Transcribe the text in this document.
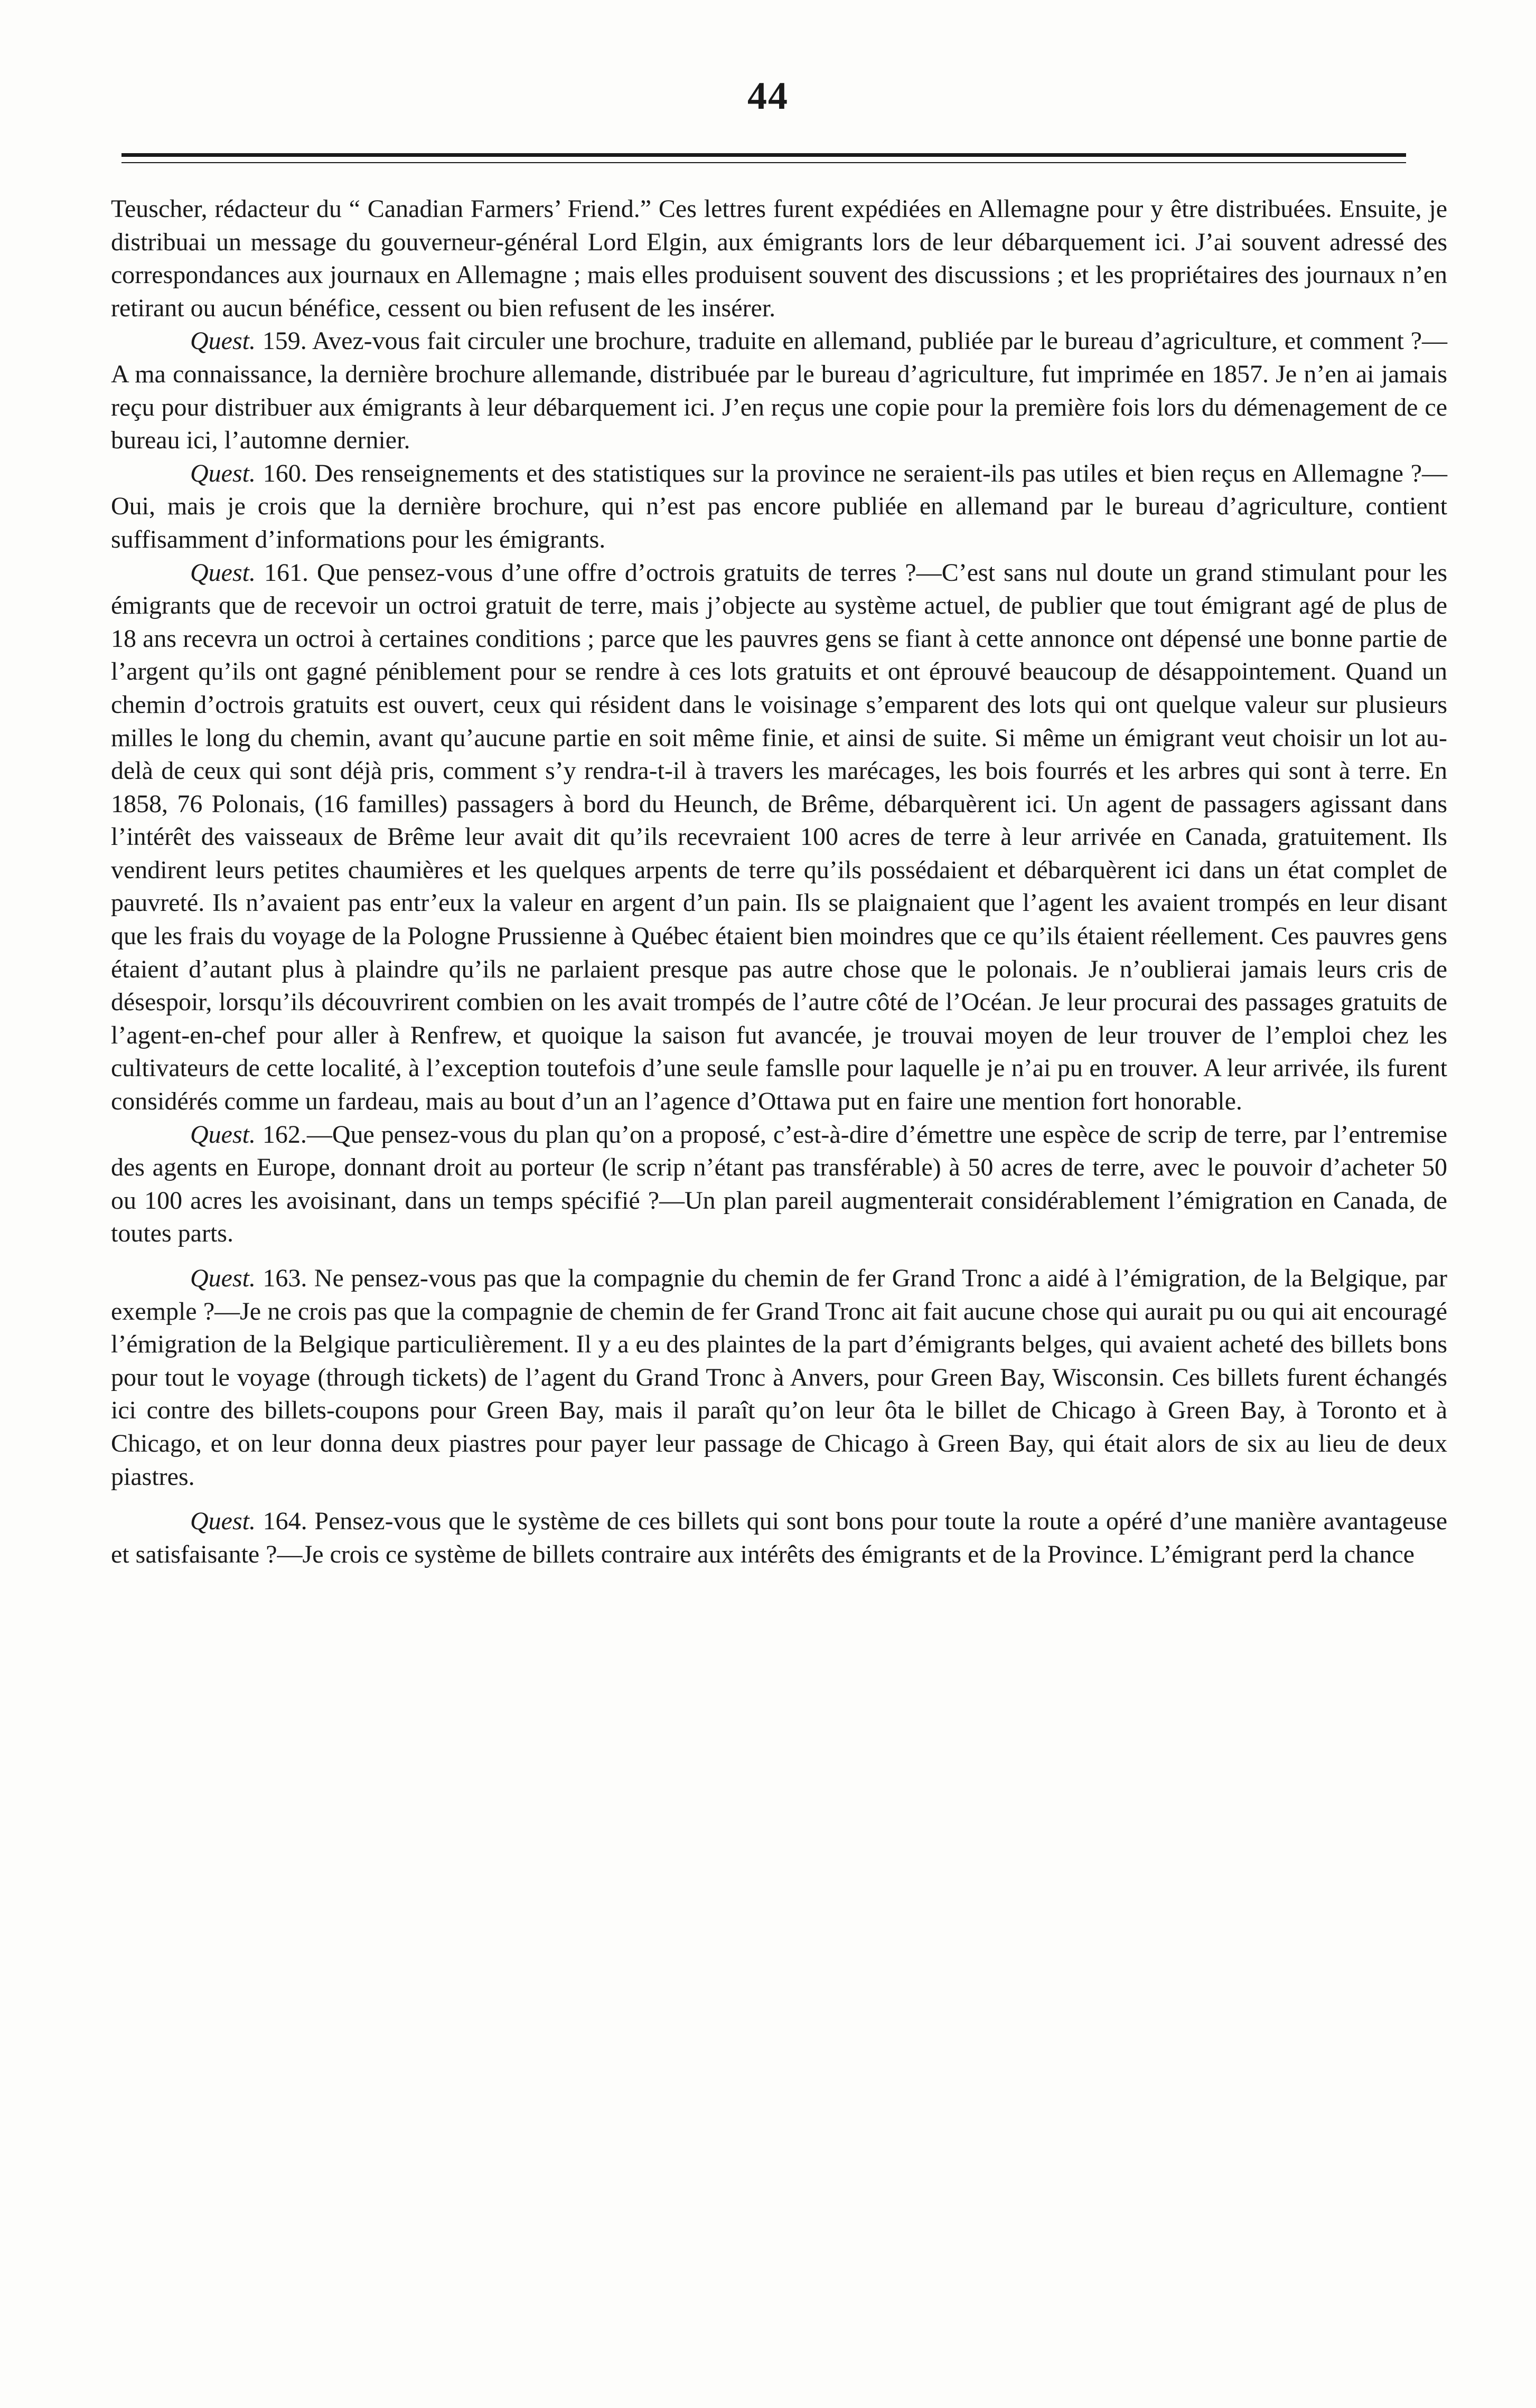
44

Teuscher, rédacteur du “ Canadian Farmers’ Friend.” Ces lettres furent expédiées en Allemagne pour y être distribuées. Ensuite, je distribuai un message du gouverneur-général Lord Elgin, aux émigrants lors de leur débarquement ici. J’ai souvent adressé des correspondances aux journaux en Allemagne ; mais elles produisent souvent des discussions ; et les propriétaires des journaux n’en retirant ou aucun bénéfice, cessent ou bien refusent de les insérer.

Quest. 159. Avez-vous fait circuler une brochure, traduite en allemand, publiée par le bureau d’agriculture, et comment ?—A ma connaissance, la dernière brochure allemande, distribuée par le bureau d’agriculture, fut imprimée en 1857. Je n’en ai jamais reçu pour distribuer aux émigrants à leur débarquement ici. J’en reçus une copie pour la première fois lors du démenagement de ce bureau ici, l’automne dernier.

Quest. 160. Des renseignements et des statistiques sur la province ne seraient-ils pas utiles et bien reçus en Allemagne ?—Oui, mais je crois que la dernière brochure, qui n’est pas encore publiée en allemand par le bureau d’agriculture, contient suffisamment d’informations pour les émigrants.

Quest. 161. Que pensez-vous d’une offre d’octrois gratuits de terres ?—C’est sans nul doute un grand stimulant pour les émigrants que de recevoir un octroi gratuit de terre, mais j’objecte au système actuel, de publier que tout émigrant agé de plus de 18 ans recevra un octroi à certaines conditions ; parce que les pauvres gens se fiant à cette annonce ont dépensé une bonne partie de l’argent qu’ils ont gagné péniblement pour se rendre à ces lots gratuits et ont éprouvé beaucoup de désappointement. Quand un chemin d’octrois gratuits est ouvert, ceux qui résident dans le voisinage s’emparent des lots qui ont quelque valeur sur plusieurs milles le long du chemin, avant qu’aucune partie en soit même finie, et ainsi de suite. Si même un émigrant veut choisir un lot au-delà de ceux qui sont déjà pris, comment s’y rendra-t-il à travers les marécages, les bois fourrés et les arbres qui sont à terre. En 1858, 76 Polonais, (16 familles) passagers à bord du Heunch, de Brême, débarquèrent ici. Un agent de passagers agissant dans l’intérêt des vaisseaux de Brême leur avait dit qu’ils recevraient 100 acres de terre à leur arrivée en Canada, gratuitement. Ils vendirent leurs petites chaumières et les quelques arpents de terre qu’ils possédaient et débarquèrent ici dans un état complet de pauvreté. Ils n’avaient pas entr’eux la valeur en argent d’un pain. Ils se plaignaient que l’agent les avaient trompés en leur disant que les frais du voyage de la Pologne Prussienne à Québec étaient bien moindres que ce qu’ils étaient réellement. Ces pauvres gens étaient d’autant plus à plaindre qu’ils ne parlaient presque pas autre chose que le polonais. Je n’oublierai jamais leurs cris de désespoir, lorsqu’ils découvrirent combien on les avait trompés de l’autre côté de l’Océan. Je leur procurai des passages gratuits de l’agent-en-chef pour aller à Renfrew, et quoique la saison fut avancée, je trouvai moyen de leur trouver de l’emploi chez les cultivateurs de cette localité, à l’exception toutefois d’une seule famslle pour laquelle je n’ai pu en trouver. A leur arrivée, ils furent considérés comme un fardeau, mais au bout d’un an l’agence d’Ottawa put en faire une mention fort honorable.

Quest. 162.—Que pensez-vous du plan qu’on a proposé, c’est-à-dire d’émettre une espèce de scrip de terre, par l’entremise des agents en Europe, donnant droit au porteur (le scrip n’étant pas transférable) à 50 acres de terre, avec le pouvoir d’acheter 50 ou 100 acres les avoisinant, dans un temps spécifié ?—Un plan pareil augmenterait considérablement l’émigration en Canada, de toutes parts.

Quest. 163. Ne pensez-vous pas que la compagnie du chemin de fer Grand Tronc a aidé à l’émigration, de la Belgique, par exemple ?—Je ne crois pas que la compagnie de chemin de fer Grand Tronc ait fait aucune chose qui aurait pu ou qui ait encouragé l’émigration de la Belgique particulièrement. Il y a eu des plaintes de la part d’émigrants belges, qui avaient acheté des billets bons pour tout le voyage (through tickets) de l’agent du Grand Tronc à Anvers, pour Green Bay, Wisconsin. Ces billets furent échangés ici contre des billets-coupons pour Green Bay, mais il paraît qu’on leur ôta le billet de Chicago à Green Bay, à Toronto et à Chicago, et on leur donna deux piastres pour payer leur passage de Chicago à Green Bay, qui était alors de six au lieu de deux piastres.

Quest. 164. Pensez-vous que le système de ces billets qui sont bons pour toute la route a opéré d’une manière avantageuse et satisfaisante ?—Je crois ce système de billets contraire aux intérêts des émigrants et de la Province. L’émigrant perd la chance
